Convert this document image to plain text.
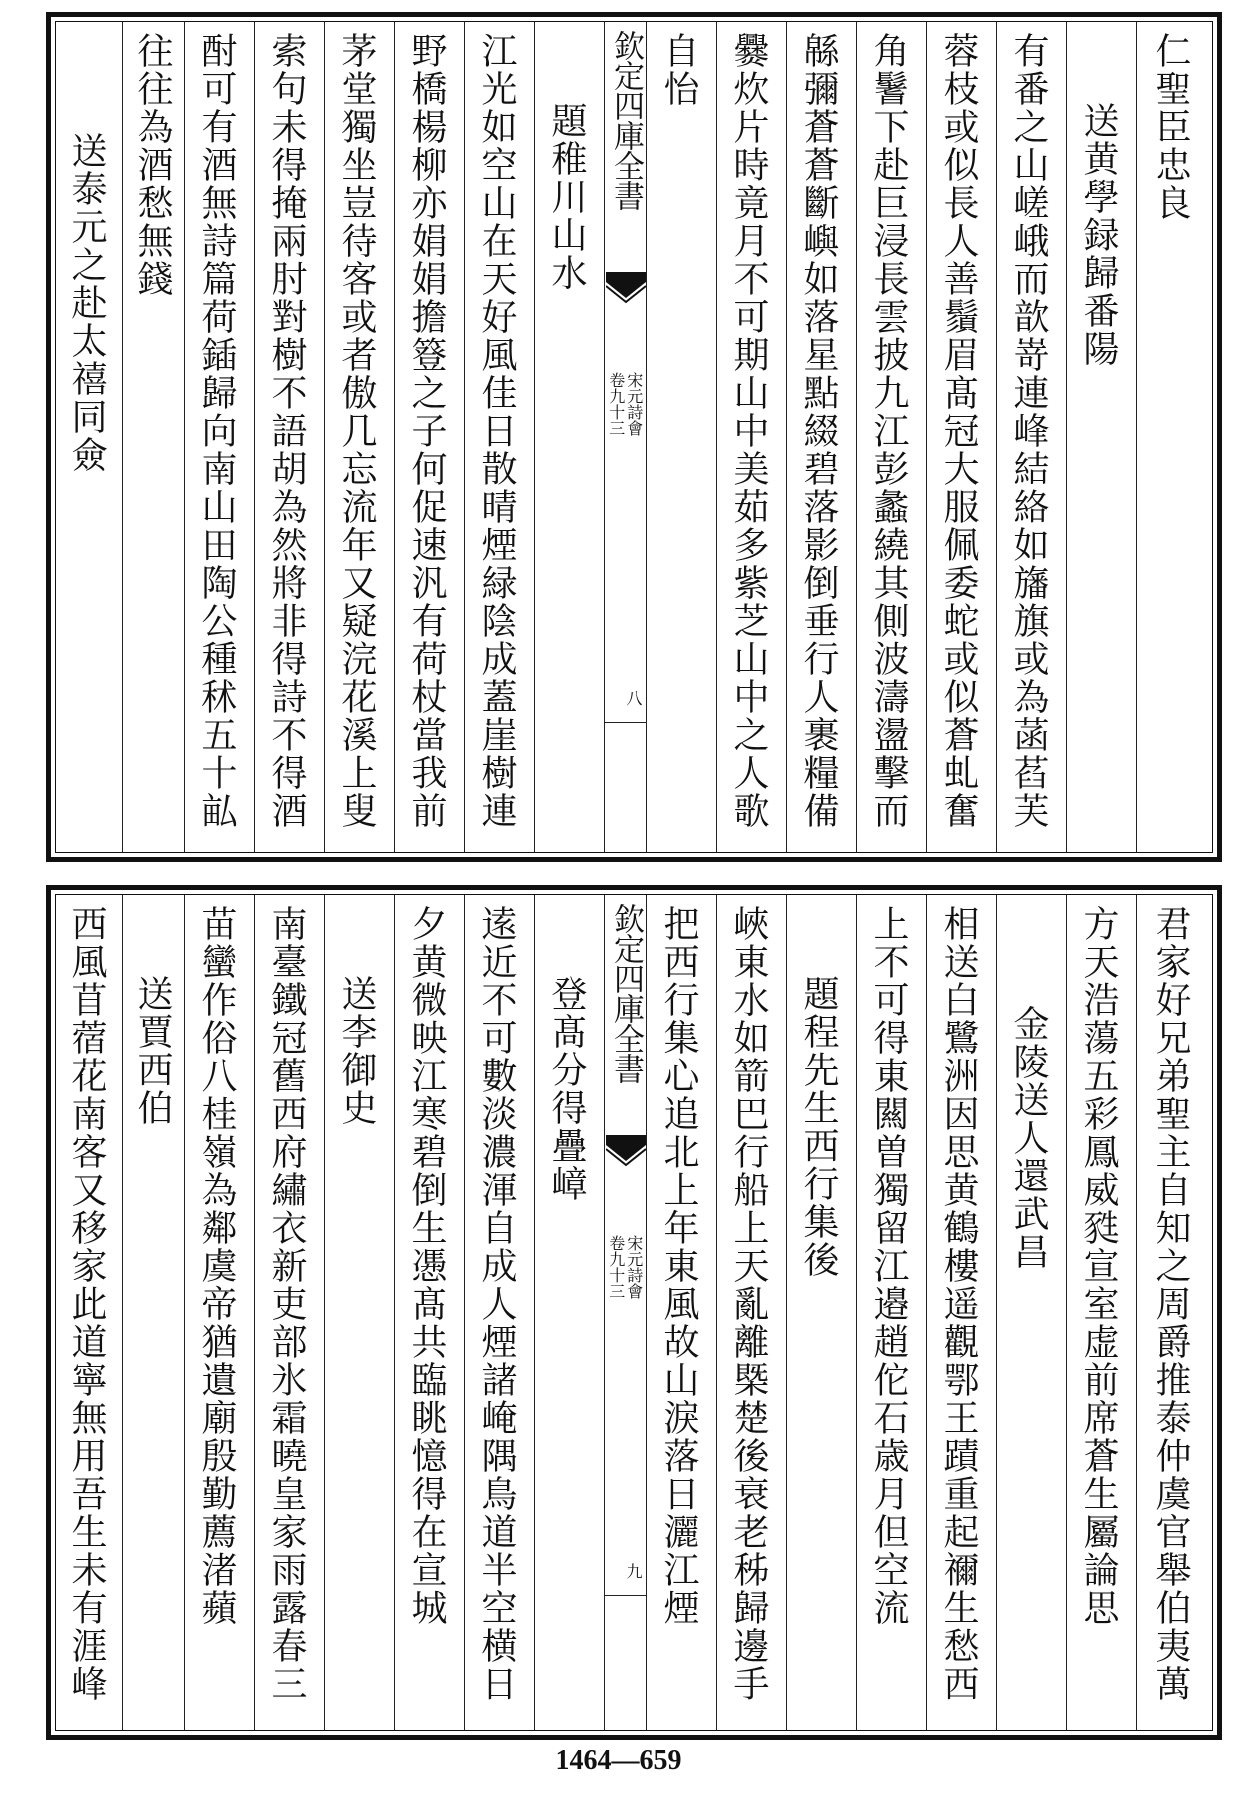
仁聖臣忠良
送黄學録歸番陽
有番之山嵯峨而歆嵜連峰結絡如旛旗或為菡萏芙
蓉枝或似長人善鬚眉髙冠大服佩委蛇或似蒼虬奮
角鬐下赴巨浸長雲披九江彭蠡繞其側波濤盪擊而
緜彌蒼蒼斷嶼如落星點綴碧落影倒垂行人裹糧備
爨炊片時竟月不可期山中美茹多紫芝山中之人歌
自怡
欽定四庫全書
宋元詩會
卷九十三
八
題稚川山水
江光如空山在天好風佳日散晴煙緑陰成蓋崖樹連
野橋楊柳亦娟娟擔簦之子何促速汎有荷杖當我前
茅堂獨坐豈待客或者傲几忘流年又疑浣花溪上叟
索句未得掩兩肘對樹不語胡為然將非得詩不得酒
酎可有酒無詩篇荷鍤歸向南山田陶公種秫五十畆
往往為酒愁無錢
送泰元之赴太禧同僉
君家好兄弟聖主自知之周爵推泰仲虞官舉伯夷萬
方天浩蕩五彩鳳威甤宣室虚前席蒼生屬論思
金陵送人還武昌
相送白鷺洲因思黄鶴樓遥觀鄂王蹟重起禰生愁西
上不可得東闗曽獨留江邉趙佗石歳月但空流
題程先生西行集後
峽東水如箭巴行船上天亂離槩楚後衰老秭歸邊手
把西行集心追北上年東風故山淚落日灑江煙
欽定四庫全書
宋元詩會
卷九十三
九
登髙分得疊嶂
逺近不可數淡濃渾自成人煙諸崦隅鳥道半空横日
夕黄微映江寒碧倒生慿髙共臨眺憶得在宣城
送李御史
南臺鐵冠舊西府繡衣新吏部氷霜曉皇家雨露春三
苗蠻作俗八桂嶺為鄰虞帝猶遺廟殷勤薦渚蘋
送賈西伯
西風苜蓿花南客又移家此道寧無用吾生未有涯峰
1464—659
